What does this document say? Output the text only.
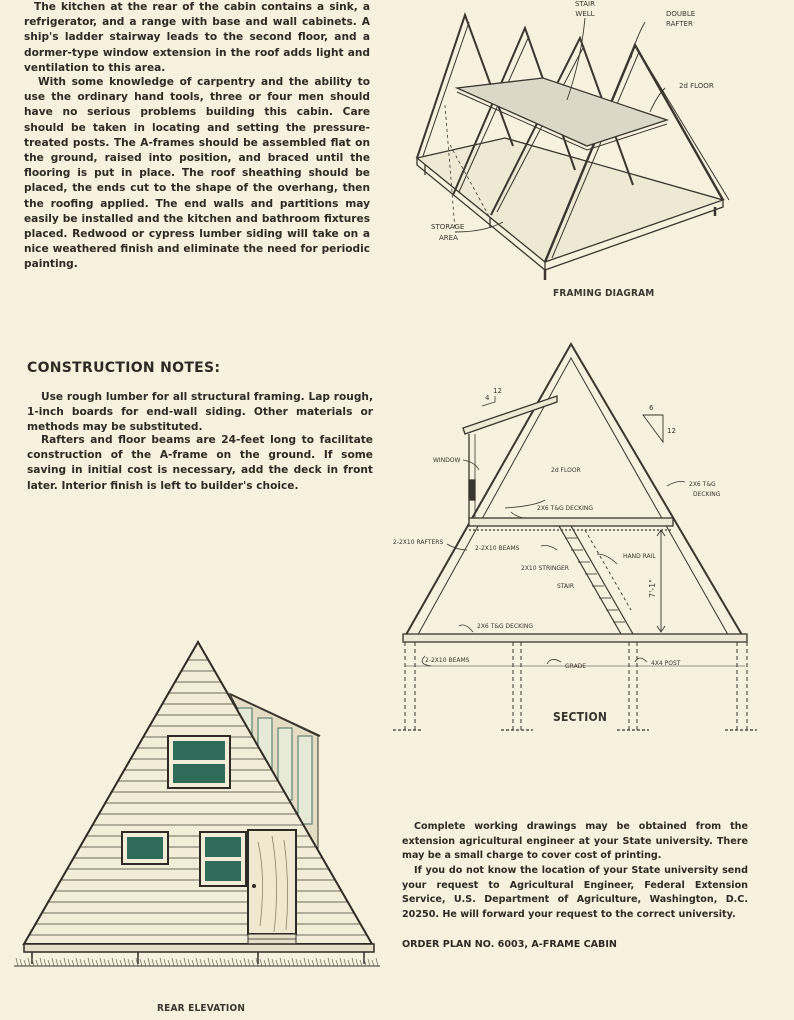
The kitchen at the rear of the cabin contains a sink, a refrigerator, and a range with base and wall cabinets. A ship's ladder stairway leads to the second floor, and a dormer-type window extension in the roof adds light and ventilation to this area.

With some knowledge of carpentry and the ability to use the ordinary hand tools, three or four men should have no serious problems building this cabin. Care should be taken in locating and setting the pressure-treated posts. The A-frames should be assembled flat on the ground, raised into position, and braced until the flooring is put in place. The roof sheathing should be placed, the ends cut to the shape of the overhang, then the roofing applied. The end walls and partitions may easily be installed and the kitchen and bathroom fixtures placed. Redwood or cypress lumber siding will take on a nice weathered finish and eliminate the need for periodic painting.

CONSTRUCTION NOTES:

Use rough lumber for all structural framing. Lap rough, 1-inch boards for end-wall siding. Other materials or methods may be substituted.

Rafters and floor beams are 24-feet long to facilitate construction of the A-frame on the ground. If some saving in initial cost is necessary, add the deck in front later. Interior finish is left to builder's choice.

STAIR
WELL	DOUBLE
RAFTER
2d FLOOR
STORAGE
AREA
FRAMING DIAGRAM
4
12
6
12
WINDOW
2d FLOOR
2X6 T&G
DECKING
2X6 T&G DECKING
2-2X10 RAFTERS
2-2X10 BEAMS
HAND RAIL
2X10 STRINGER
STAIR	7'-1"
2X6 T&G DECKING
2-2X10 BEAMS
GRADE	4X4 POST
SECTION
REAR ELEVATION

Complete working drawings may be obtained from the extension agricultural engineer at your State university. There may be a small charge to cover cost of printing.

If you do not know the location of your State university send your request to Agricultural Engineer, Federal Extension Service, U.S. Department of Agriculture, Washington, D.C. 20250. He will forward your request to the correct university.

ORDER PLAN NO. 6003, A-FRAME CABIN
